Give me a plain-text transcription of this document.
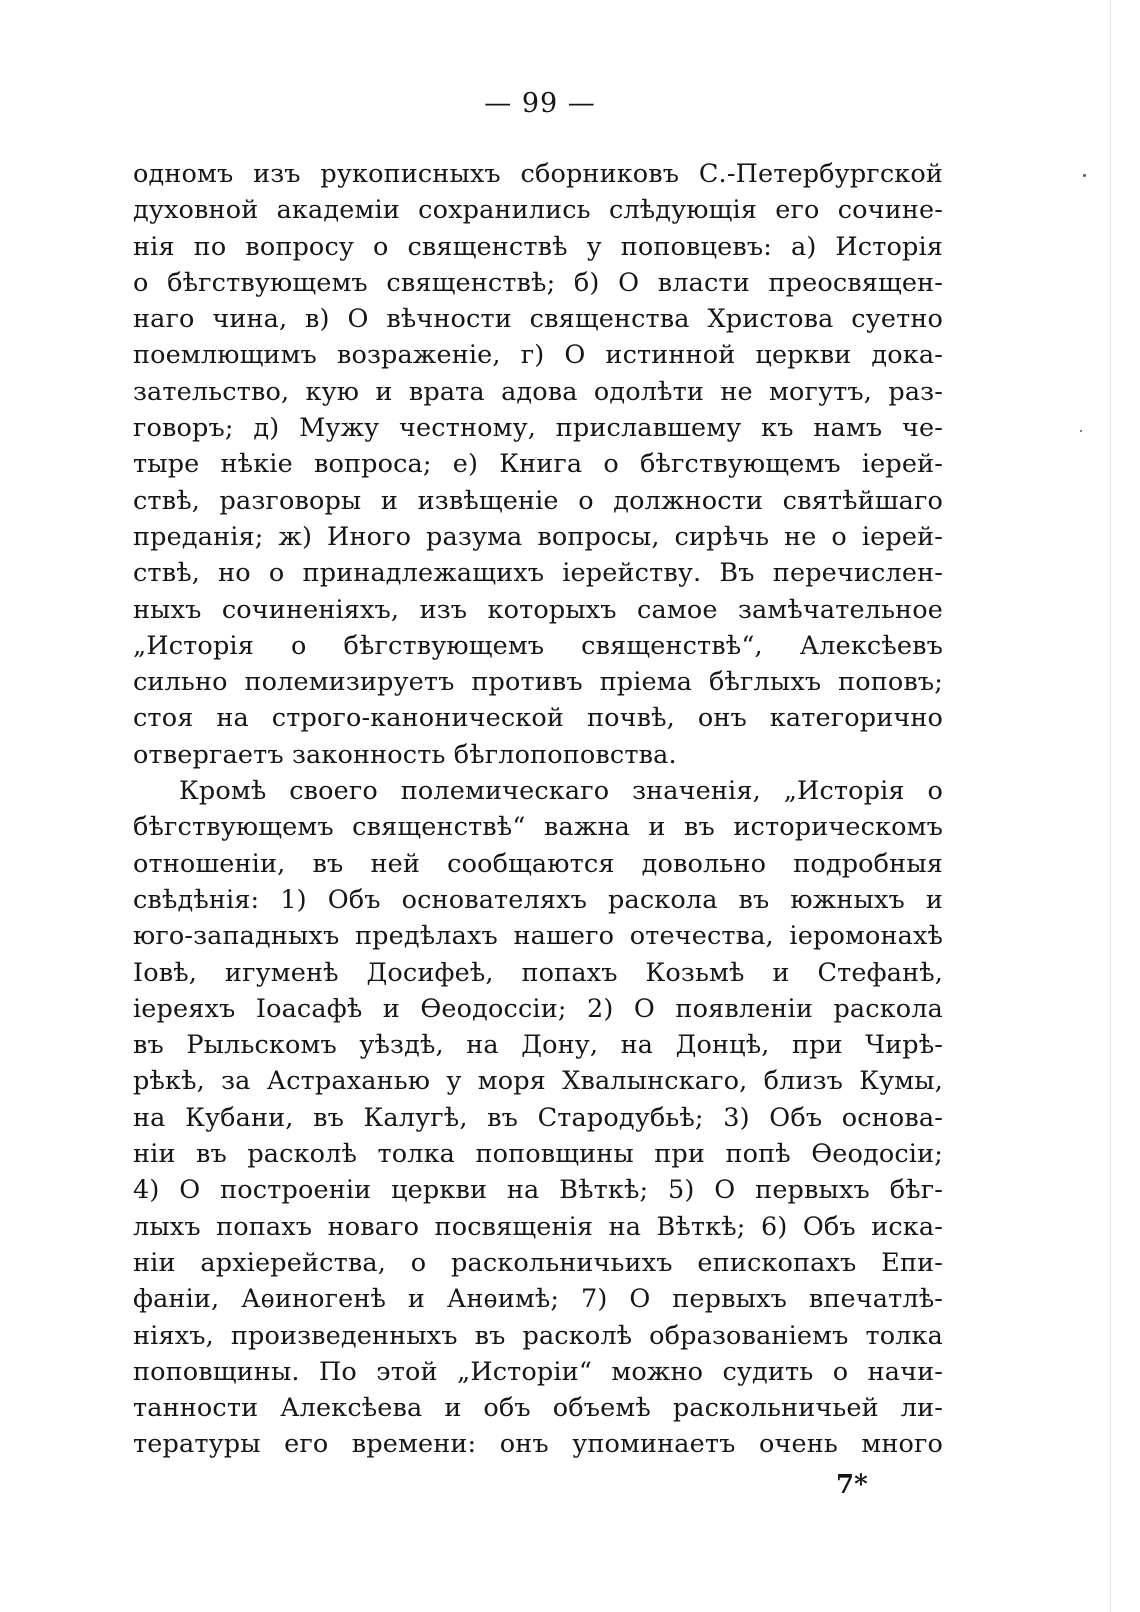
— 99 —
одномъ изъ рукописныхъ сборниковъ С.-Петербургской
духовной академіи сохранились слѣдующія его сочине-
нія по вопросу о священствѣ у поповцевъ: а) Исторія
о бѣгствующемъ священствѣ; б) О власти преосвящен-
наго чина, в) О вѣчности священства Христова суетно
поемлющимъ возраженіе, г) О истинной церкви дока-
зательство, кую и врата адова одолѣти не могутъ, раз-
говоръ; д) Мужу честному, приславшему къ намъ че-
тыре нѣкіе вопроса; е) Книга о бѣгствующемъ іерей-
ствѣ, разговоры и извѣщеніе о должности святѣйшаго
преданія; ж) Иного разума вопросы, сирѣчь не о іерей-
ствѣ, но о принадлежащихъ іерейству. Въ перечислен-
ныхъ сочиненіяхъ, изъ которыхъ самое замѣчательное
„Исторія о бѣгствующемъ священствѣ“, Алексѣевъ
сильно полемизируетъ противъ пріема бѣглыхъ поповъ;
стоя на строго-канонической почвѣ, онъ категорично
отвергаетъ законность бѣглопоповства.
Кромѣ своего полемическаго значенія, „Исторія о
бѣгствующемъ священствѣ“ важна и въ историческомъ
отношеніи, въ ней сообщаются довольно подробныя
свѣдѣнія: 1) Объ основателяхъ раскола въ южныхъ и
юго-западныхъ предѣлахъ нашего отечества, іеромонахѣ
Іовѣ, игуменѣ Досифеѣ, попахъ Козьмѣ и Стефанѣ,
іереяхъ Іоасафѣ и Ѳеодоссіи; 2) О появленіи раскола
въ Рыльскомъ уѣздѣ, на Дону, на Донцѣ, при Чирѣ-
рѣкѣ, за Астраханью у моря Хвалынскаго, близъ Кумы,
на Кубани, въ Калугѣ, въ Стародубьѣ; 3) Объ основа-
ніи въ расколѣ толка поповщины при попѣ Ѳеодосіи;
4) О построеніи церкви на Вѣткѣ; 5) О первыхъ бѣг-
лыхъ попахъ новаго посвященія на Вѣткѣ; 6) Объ иска-
ніи архіерейства, о раскольничьихъ епископахъ Епи-
фаніи, Аѳиногенѣ и Анѳимѣ; 7) О первыхъ впечатлѣ-
ніяхъ, произведенныхъ въ расколѣ образованіемъ толка
поповщины. По этой „Исторіи“ можно судить о начи-
танности Алексѣева и объ объемѣ раскольничьей ли-
тературы его времени: онъ упоминаетъ очень много
7*
